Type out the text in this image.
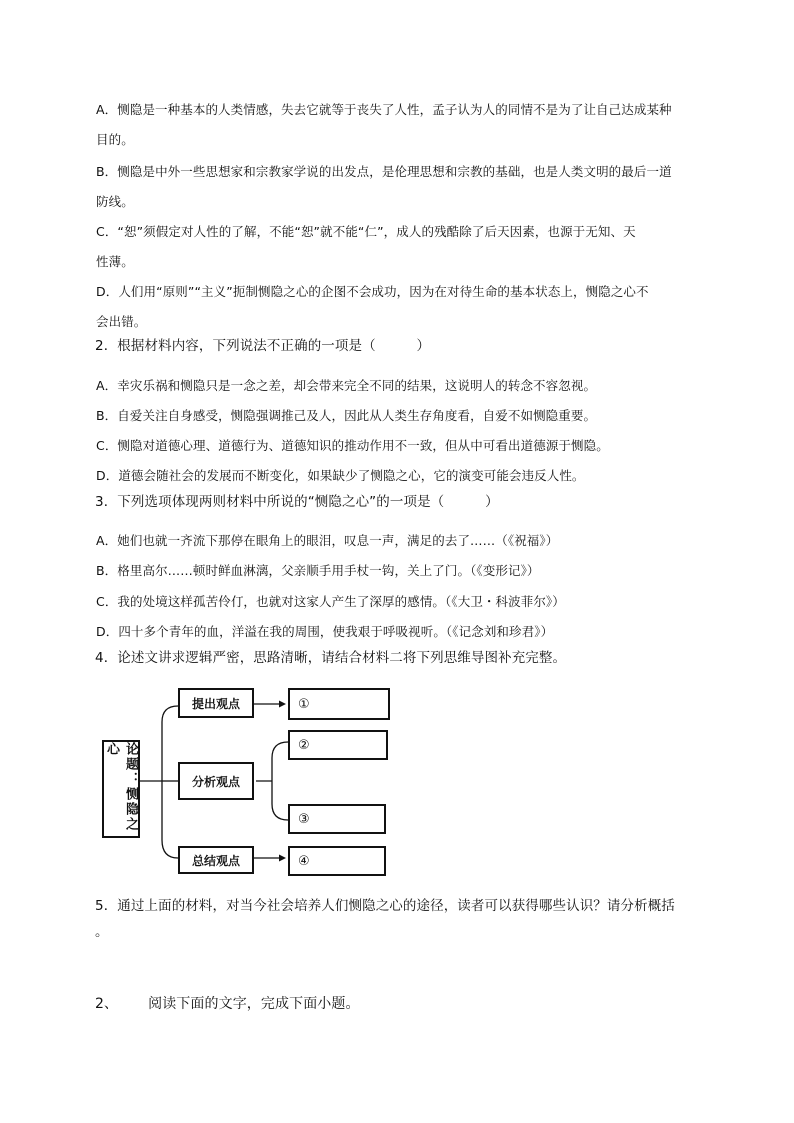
A．恻隐是一种基本的人类情感，失去它就等于丧失了人性，孟子认为人的同情不是为了让自己达成某种
目的。
B．恻隐是中外一些思想家和宗教家学说的出发点，是伦理思想和宗教的基础，也是人类文明的最后一道
防线。
C．“恕”须假定对人性的了解，不能“恕”就不能“仁”，成人的残酷除了后天因素，也源于无知、天
性薄。
D．人们用“原则”“主义”扼制恻隐之心的企图不会成功，因为在对待生命的基本状态上，恻隐之心不
会出错。
2．根据材料内容，下列说法不正确的一项是（　　　）
A．幸灾乐祸和恻隐只是一念之差，却会带来完全不同的结果，这说明人的转念不容忽视。
B．自爱关注自身感受，恻隐强调推己及人，因此从人类生存角度看，自爱不如恻隐重要。
C．恻隐对道德心理、道德行为、道德知识的推动作用不一致，但从中可看出道德源于恻隐。
D．道德会随社会的发展而不断变化，如果缺少了恻隐之心，它的演变可能会违反人性。
3．下列选项体现两则材料中所说的“恻隐之心”的一项是（　　　）
A．她们也就一齐流下那停在眼角上的眼泪，叹息一声，满足的去了……（《祝福》）
B．格里高尔……顿时鲜血淋漓，父亲顺手用手杖一钩，关上了门。（《变形记》）
C．我的处境这样孤苦伶仃，也就对这家人产生了深厚的感情。（《大卫・科波菲尔》）
D．四十多个青年的血，洋溢在我的周围，使我艰于呼吸视听。（《记念刘和珍君》）
4．论述文讲求逻辑严密，思路清晰，请结合材料二将下列思维导图补充完整。
论题：恻隐之心
提出观点
分析观点
总结观点
①
②
③
④
5．通过上面的材料，对当今社会培养人们恻隐之心的途径，读者可以获得哪些认识？请分析概括
。
2、 阅读下面的文字，完成下面小题。
